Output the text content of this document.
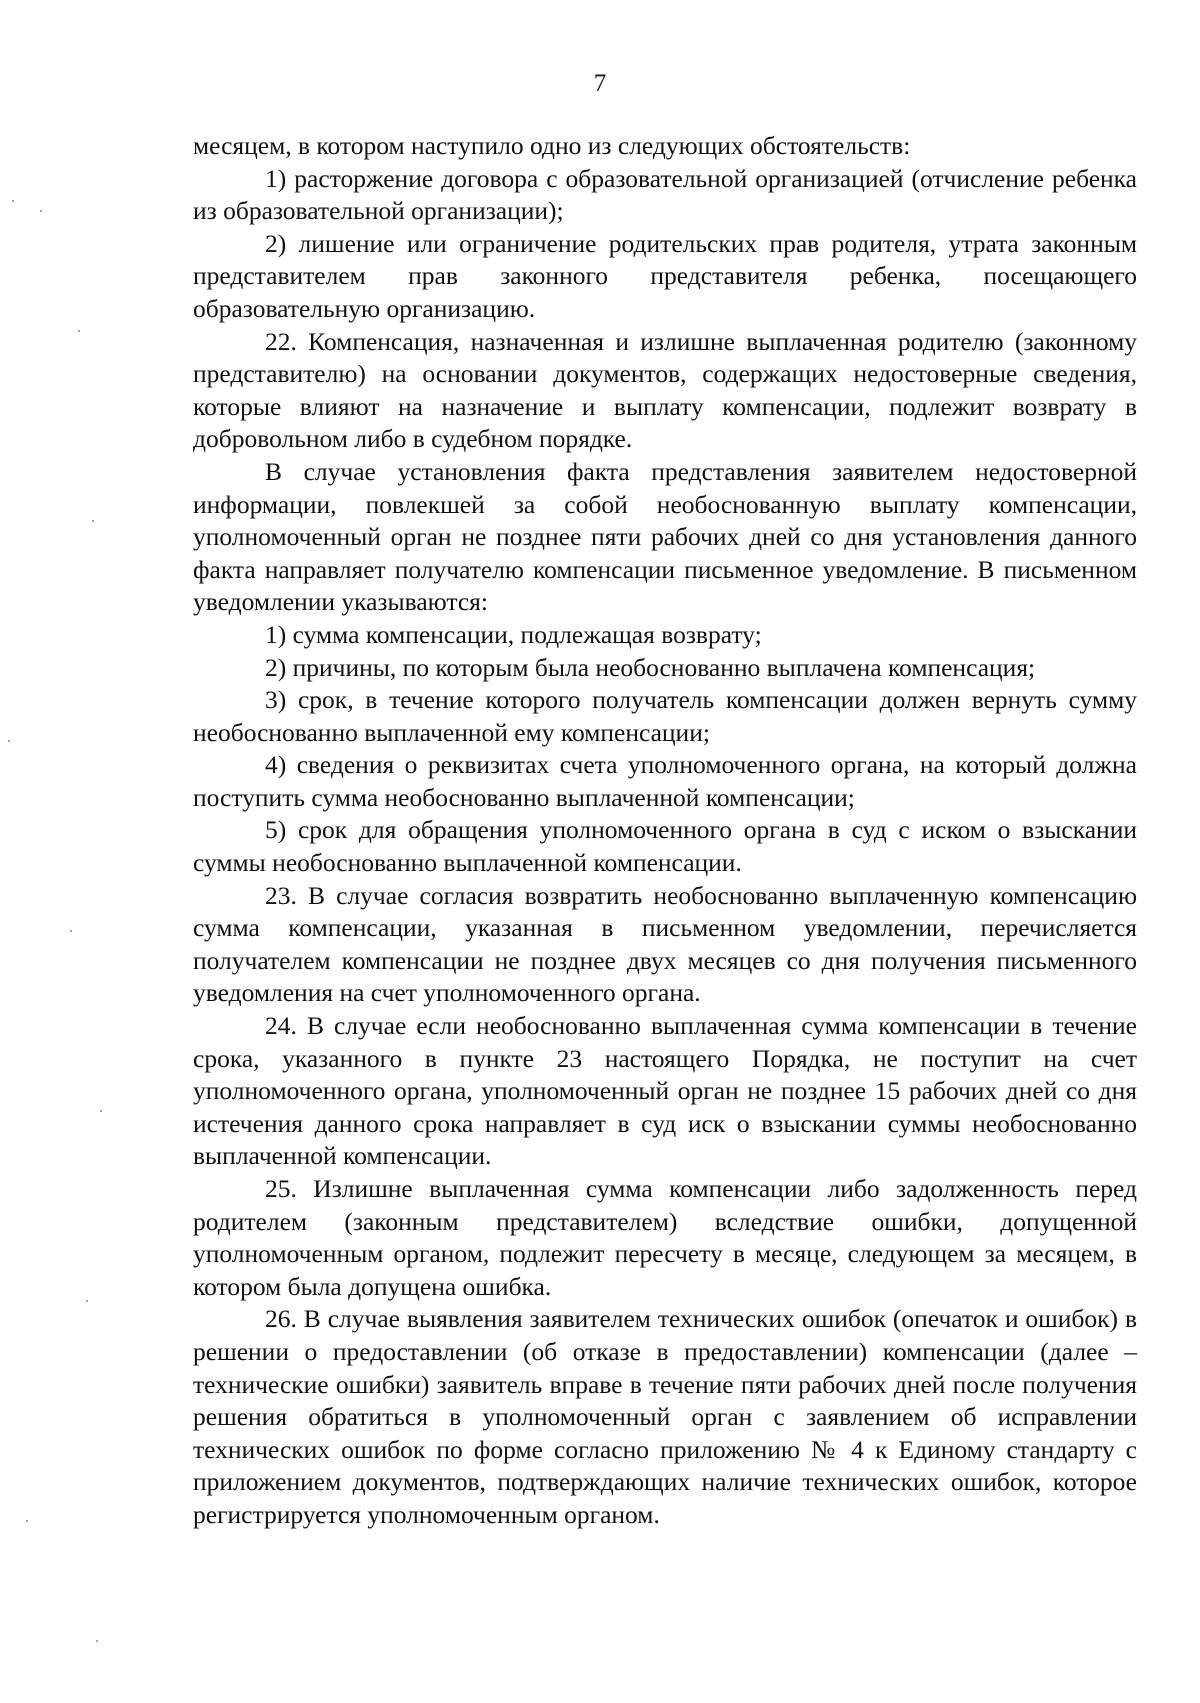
7

месяцем, в котором наступило одно из следующих обстоятельств:

1) расторжение договора с образовательной организацией (отчисление ребенка из образовательной организации);

2) лишение или ограничение родительских прав родителя, утрата законным представителем прав законного представителя ребенка, посещающего образовательную организацию.

22. Компенсация, назначенная и излишне выплаченная родителю (законному представителю) на основании документов, содержащих недостоверные сведения, которые влияют на назначение и выплату компенсации, подлежит возврату в добровольном либо в судебном порядке.

В случае установления факта представления заявителем недостоверной информации, повлекшей за собой необоснованную выплату компенсации, уполномоченный орган не позднее пяти рабочих дней со дня установления данного факта направляет получателю компенсации письменное уведомление. В письменном уведомлении указываются:

1) сумма компенсации, подлежащая возврату;

2) причины, по которым была необоснованно выплачена компенсация;

3) срок, в течение которого получатель компенсации должен вернуть сумму необоснованно выплаченной ему компенсации;

4) сведения о реквизитах счета уполномоченного органа, на который должна поступить сумма необоснованно выплаченной компенсации;

5) срок для обращения уполномоченного органа в суд с иском о взыскании суммы необоснованно выплаченной компенсации.

23. В случае согласия возвратить необоснованно выплаченную компенсацию сумма компенсации, указанная в письменном уведомлении, перечисляется получателем компенсации не позднее двух месяцев со дня получения письменного уведомления на счет уполномоченного органа.

24. В случае если необоснованно выплаченная сумма компенсации в течение срока, указанного в пункте 23 настоящего Порядка, не поступит на счет уполномоченного органа, уполномоченный орган не позднее 15 рабочих дней со дня истечения данного срока направляет в суд иск о взыскании суммы необоснованно выплаченной компенсации.

25. Излишне выплаченная сумма компенсации либо задолженность перед родителем (законным представителем) вследствие ошибки, допущенной уполномоченным органом, подлежит пересчету в месяце, следующем за месяцем, в котором была допущена ошибка.

26. В случае выявления заявителем технических ошибок (опечаток и ошибок) в решении о предоставлении (об отказе в предоставлении) компенсации (далее – технические ошибки) заявитель вправе в течение пяти рабочих дней после получения решения обратиться в уполномоченный орган с заявлением об исправлении технических ошибок по форме согласно приложению № 4 к Единому стандарту с приложением документов, подтверждающих наличие технических ошибок, которое регистрируется уполномоченным органом.
